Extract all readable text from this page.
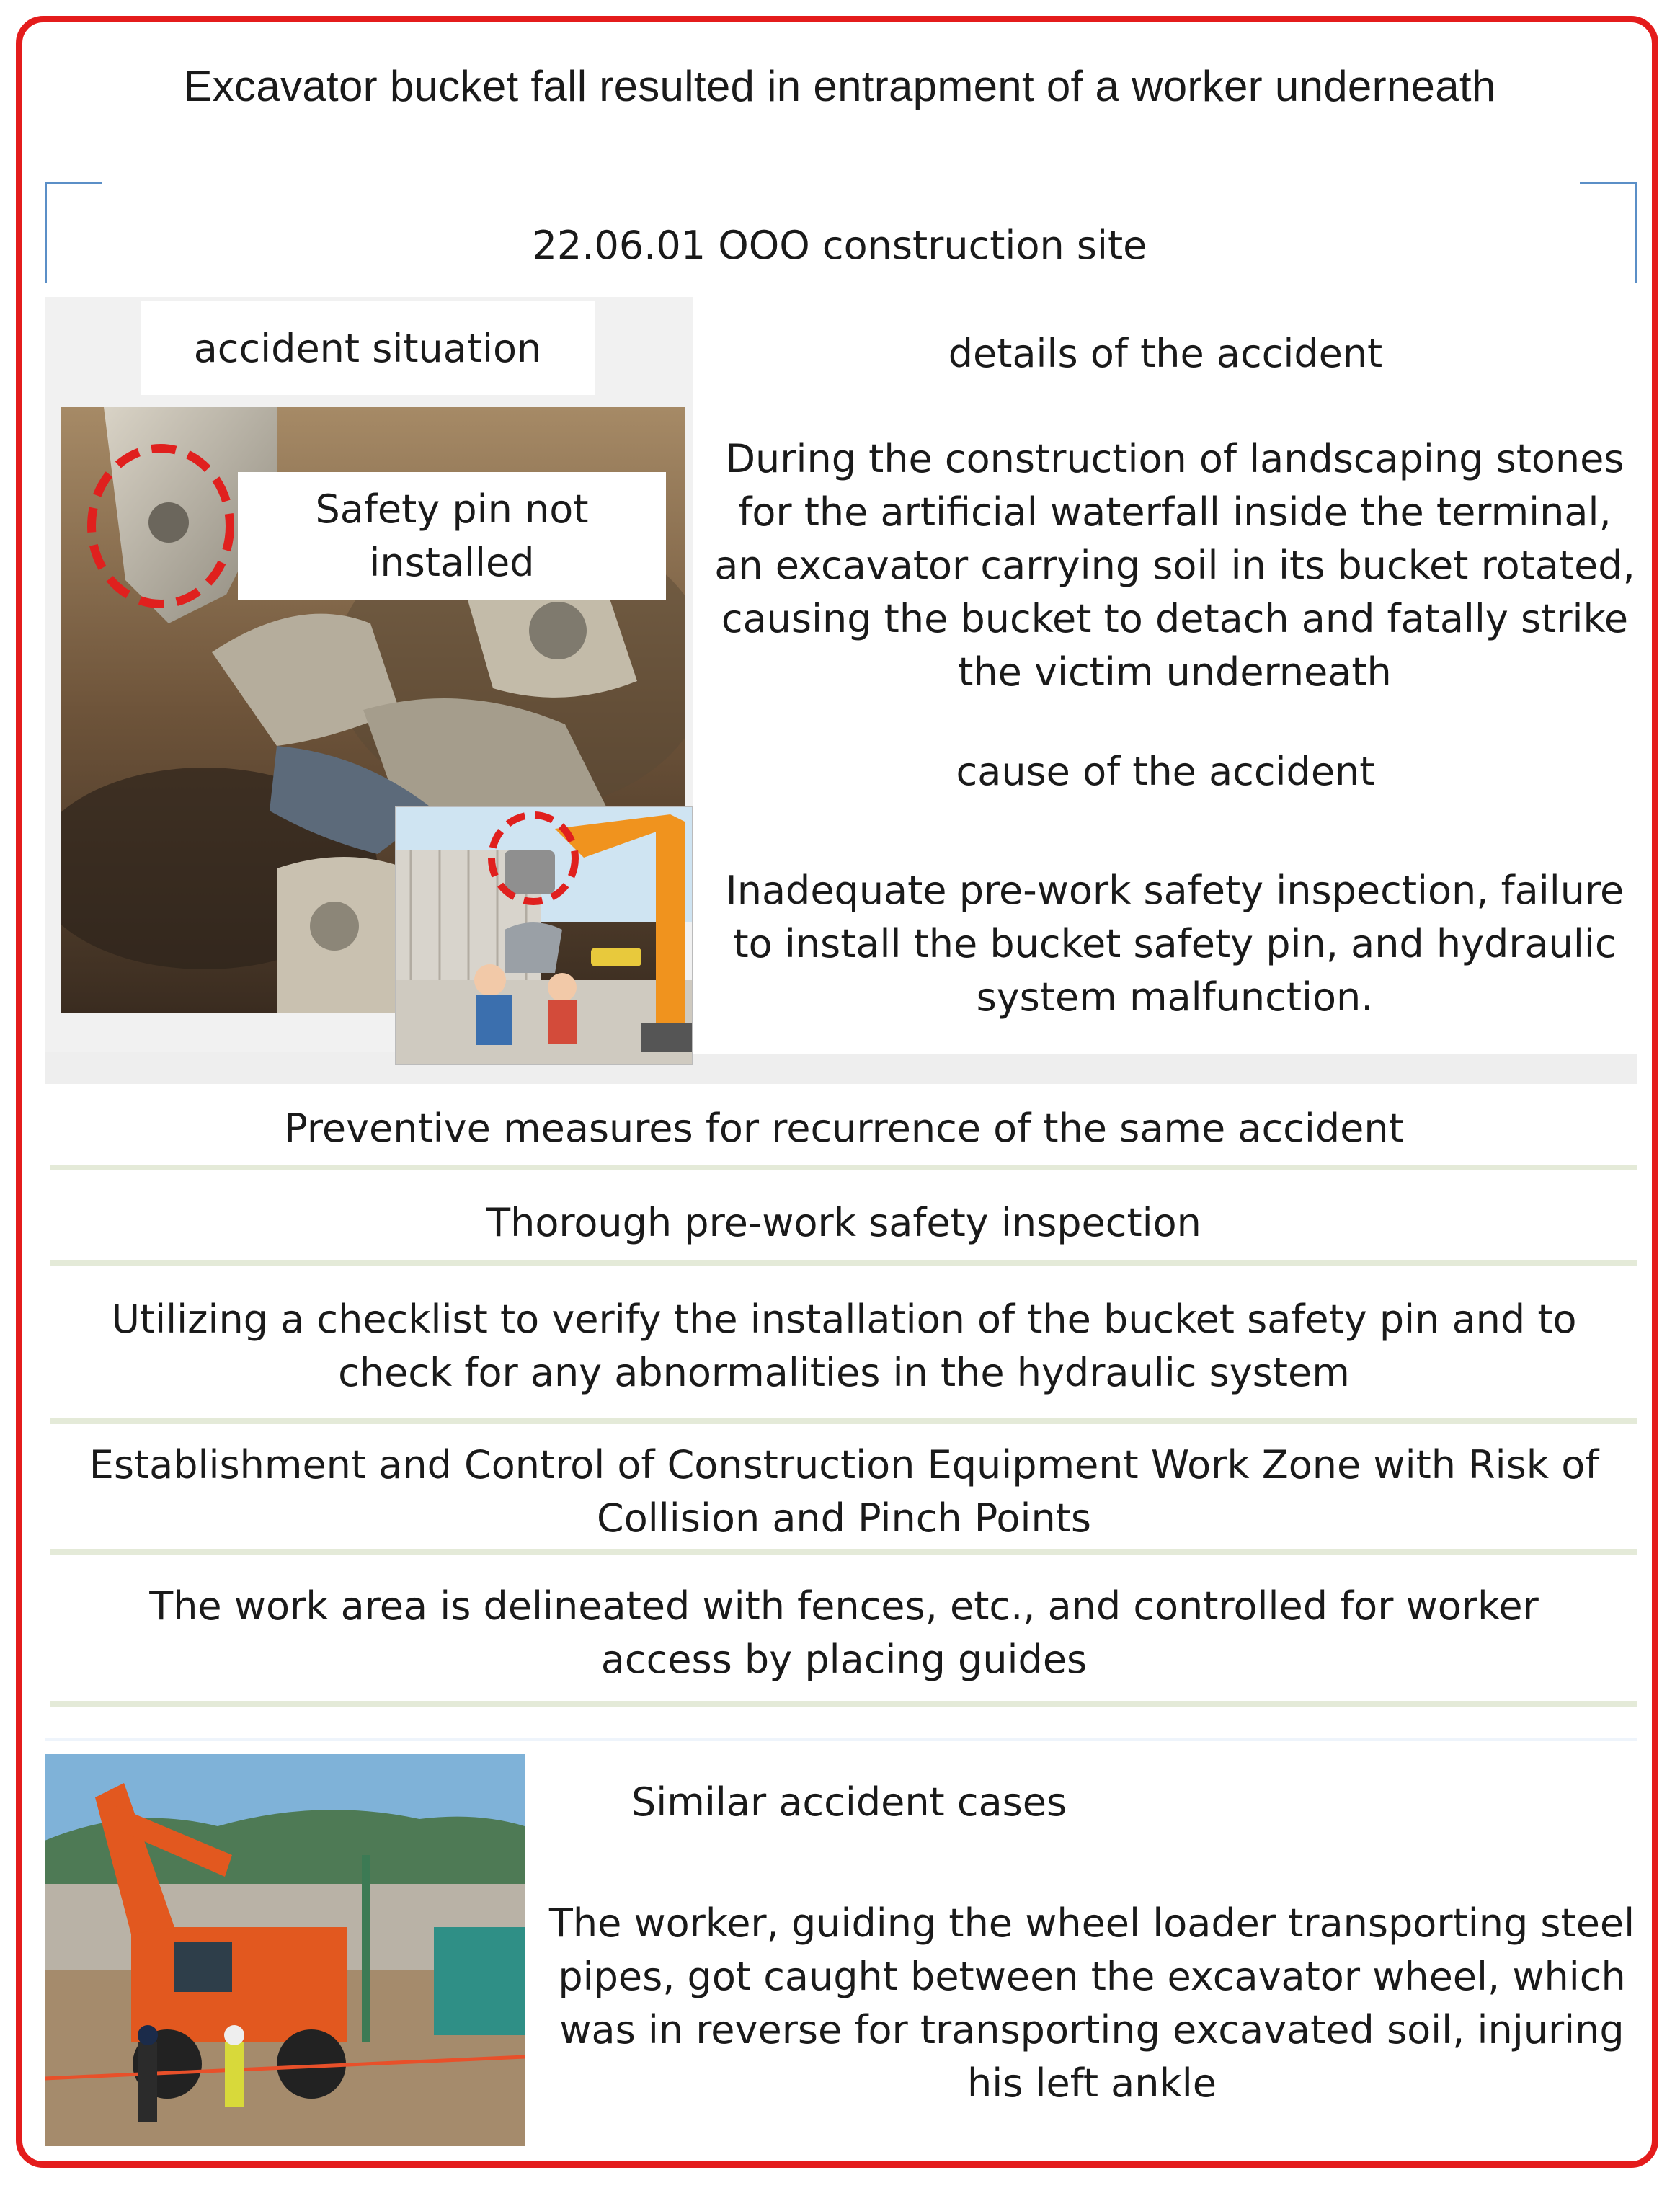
Excavator bucket fall resulted in entrapment of a worker underneath
22.06.01 OOO construction site
accident situation
Safety pin not installed
details of the accident
During the construction of landscaping stones for the artificial waterfall inside the terminal, an excavator carrying soil in its bucket rotated, causing the bucket to detach and fatally strike the victim underneath
cause of the accident
Inadequate pre-work safety inspection, failure to install the bucket safety pin, and hydraulic system malfunction.
Preventive measures for recurrence of the same accident
Thorough pre-work safety inspection
Utilizing a checklist to verify the installation of the bucket safety pin and to check for any abnormalities in the hydraulic system
Establishment and Control of Construction Equipment Work Zone with Risk of Collision and Pinch Points
The work area is delineated with fences, etc., and controlled for worker access by placing guides
Similar accident cases
The worker, guiding the wheel loader transporting steel pipes, got caught between the excavator wheel, which was in reverse for transporting excavated soil, injuring his left ankle
